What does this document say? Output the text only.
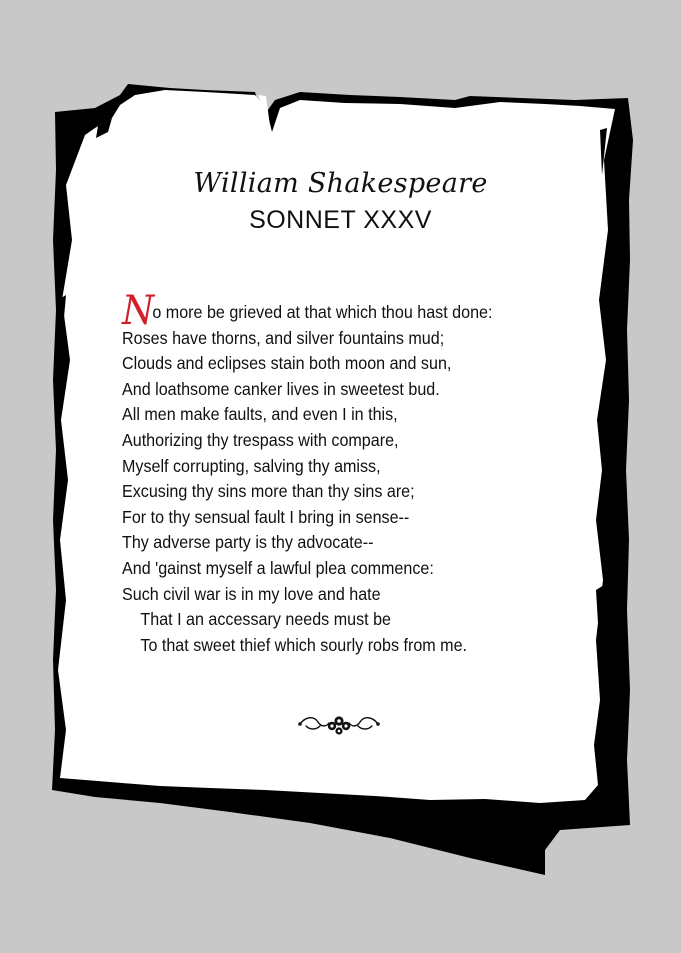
William Shakespeare
SONNET XXXV
No more be grieved at that which thou hast done:
Roses have thorns, and silver fountains mud;
Clouds and eclipses stain both moon and sun,
And loathsome canker lives in sweetest bud.
All men make faults, and even I in this,
Authorizing thy trespass with compare,
Myself corrupting, salving thy amiss,
Excusing thy sins more than thy sins are;
For to thy sensual fault I bring in sense--
Thy adverse party is thy advocate--
And 'gainst myself a lawful plea commence:
Such civil war is in my love and hate
That I an accessary needs must be
To that sweet thief which sourly robs from me.
